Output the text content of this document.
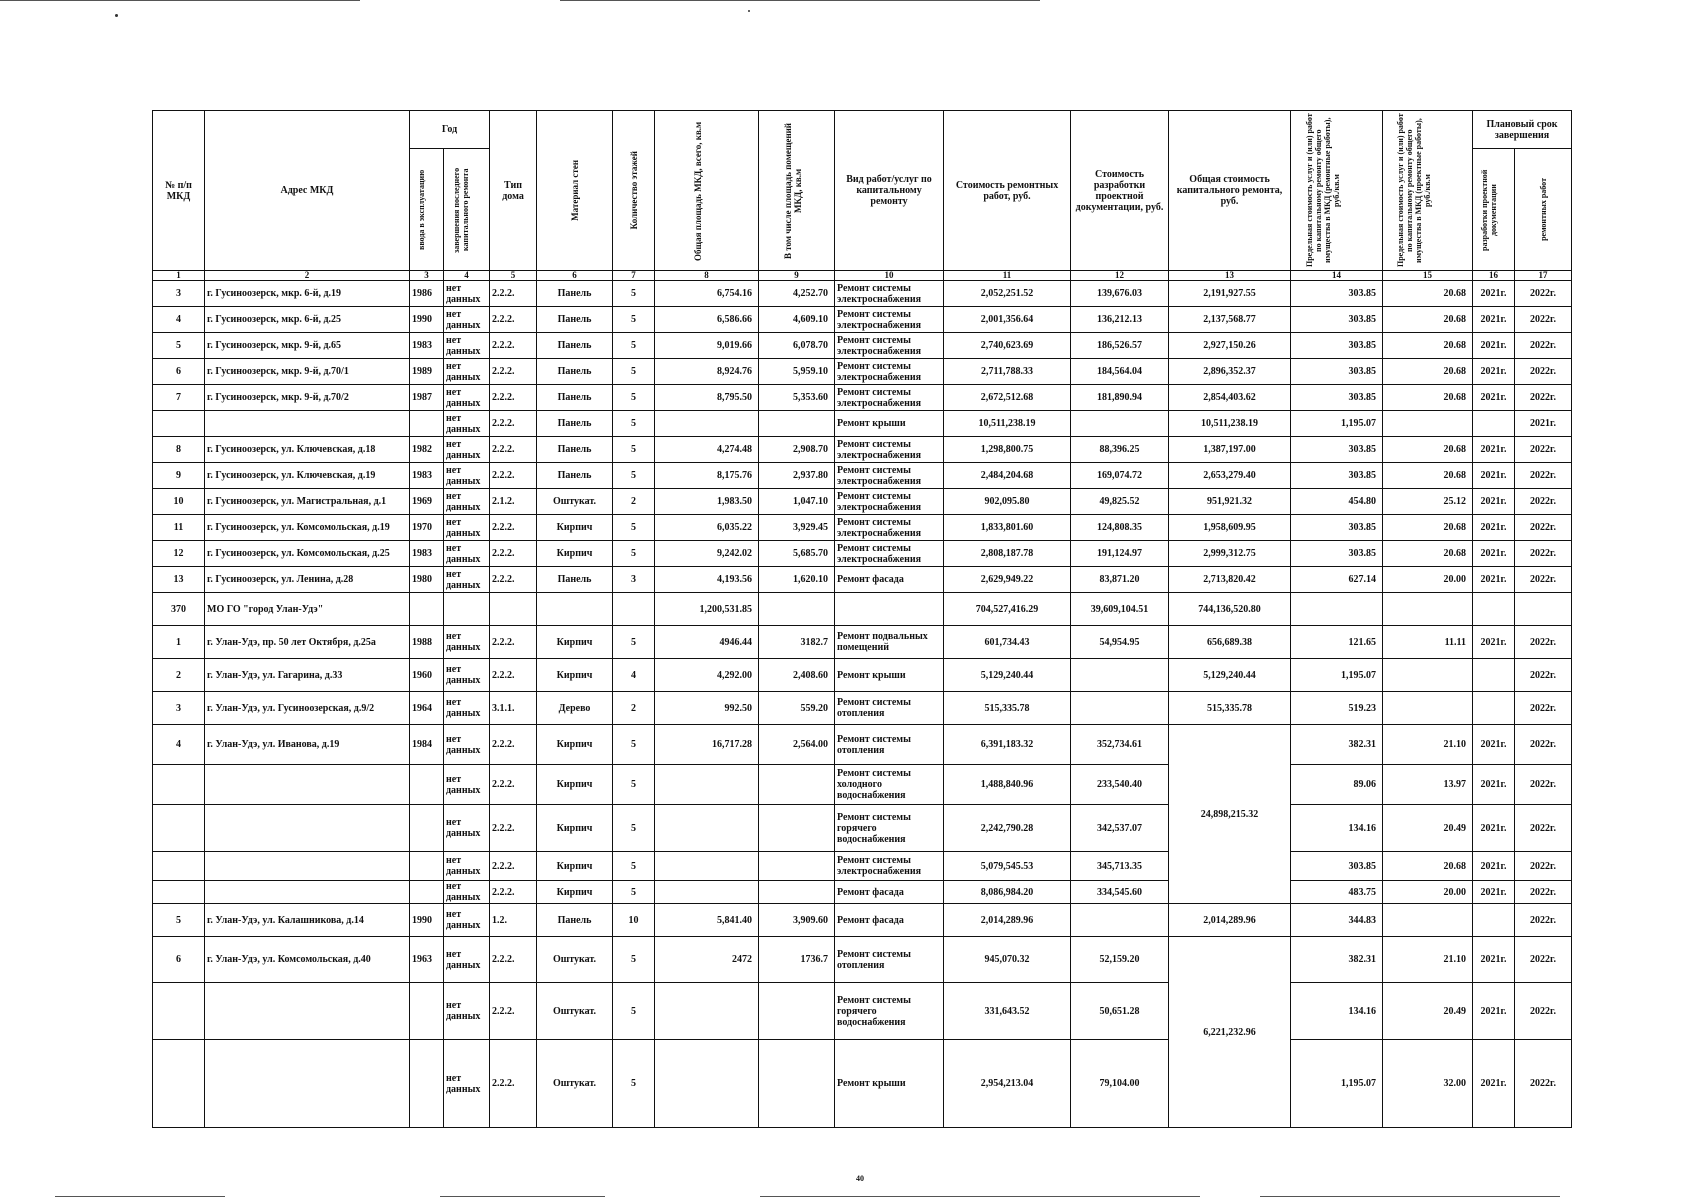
№ п/п МКД	Адрес МКД	Год		Тип дома	Материал стен	Количество этажей	Общая площадь МКД, всего, кв.м	В том числе площадь помещений МКД, кв.м	Вид работ/услуг по капитальному ремонту	Стоимость ремонтных работ, руб.	Стоимость разработки проектной документации, руб.	Общая стоимость капитального ремонта, руб.	Предельная стоимость услуг и (или) работ по капитальному ремонту общего имущества в МКД (ремонтные работы), руб./кв.м	Предельная стоимость услуг и (или) работ по капитальному ремонту общего имущества в МКД (проектные работы), руб./кв.м	Плановый срок завершения	

		ввода в эксплуатацию	завершения последнего капитального ремонта												разработки проектной документации	ремонтных работ

1	2	3	4	5	6	7	8	9	10	11	12	13	14	15	16	17
3	г. Гусиноозерск, мкр. 6-й, д.19	1986	нет данных	2.2.2.	Панель	5	6,754.16	4,252.70	Ремонт системы электроснабжения	2,052,251.52	139,676.03	2,191,927.55	303.85	20.68	2021г.	2022г.
4	г. Гусиноозерск, мкр. 6-й, д.25	1990	нет данных	2.2.2.	Панель	5	6,586.66	4,609.10	Ремонт системы электроснабжения	2,001,356.64	136,212.13	2,137,568.77	303.85	20.68	2021г.	2022г.
5	г. Гусиноозерск, мкр. 9-й, д.65	1983	нет данных	2.2.2.	Панель	5	9,019.66	6,078.70	Ремонт системы электроснабжения	2,740,623.69	186,526.57	2,927,150.26	303.85	20.68	2021г.	2022г.
6	г. Гусиноозерск, мкр. 9-й, д.70/1	1989	нет данных	2.2.2.	Панель	5	8,924.76	5,959.10	Ремонт системы электроснабжения	2,711,788.33	184,564.04	2,896,352.37	303.85	20.68	2021г.	2022г.
7	г. Гусиноозерск, мкр. 9-й, д.70/2	1987	нет данных	2.2.2.	Панель	5	8,795.50	5,353.60	Ремонт системы электроснабжения	2,672,512.68	181,890.94	2,854,403.62	303.85	20.68	2021г.	2022г.
			нет данных	2.2.2.	Панель	5			Ремонт крыши	10,511,238.19		10,511,238.19	1,195.07			2021г.
8	г. Гусиноозерск, ул. Ключевская, д.18	1982	нет данных	2.2.2.	Панель	5	4,274.48	2,908.70	Ремонт системы электроснабжения	1,298,800.75	88,396.25	1,387,197.00	303.85	20.68	2021г.	2022г.
9	г. Гусиноозерск, ул. Ключевская, д.19	1983	нет данных	2.2.2.	Панель	5	8,175.76	2,937.80	Ремонт системы электроснабжения	2,484,204.68	169,074.72	2,653,279.40	303.85	20.68	2021г.	2022г.
10	г. Гусиноозерск, ул. Магистральная, д.1	1969	нет данных	2.1.2.	Оштукат.	2	1,983.50	1,047.10	Ремонт системы электроснабжения	902,095.80	49,825.52	951,921.32	454.80	25.12	2021г.	2022г.
11	г. Гусиноозерск, ул. Комсомольская, д.19	1970	нет данных	2.2.2.	Кирпич	5	6,035.22	3,929.45	Ремонт системы электроснабжения	1,833,801.60	124,808.35	1,958,609.95	303.85	20.68	2021г.	2022г.
12	г. Гусиноозерск, ул. Комсомольская, д.25	1983	нет данных	2.2.2.	Кирпич	5	9,242.02	5,685.70	Ремонт системы электроснабжения	2,808,187.78	191,124.97	2,999,312.75	303.85	20.68	2021г.	2022г.
13	г. Гусиноозерск, ул. Ленина, д.28	1980	нет данных	2.2.2.	Панель	3	4,193.56	1,620.10	Ремонт фасада	2,629,949.22	83,871.20	2,713,820.42	627.14	20.00	2021г.	2022г.
370	МО ГО "город Улан-Удэ"						1,200,531.85			704,527,416.29	39,609,104.51	744,136,520.80				
1	г. Улан-Удэ, пр. 50 лет Октября, д.25а	1988	нет данных	2.2.2.	Кирпич	5	4946.44	3182.7	Ремонт подвальных помещений	601,734.43	54,954.95	656,689.38	121.65	11.11	2021г.	2022г.
2	г. Улан-Удэ, ул. Гагарина, д.33	1960	нет данных	2.2.2.	Кирпич	4	4,292.00	2,408.60	Ремонт крыши	5,129,240.44		5,129,240.44	1,195.07			2022г.
3	г. Улан-Удэ, ул. Гусиноозерская, д.9/2	1964	нет данных	3.1.1.	Дерево	2	992.50	559.20	Ремонт системы отопления	515,335.78		515,335.78	519.23			2022г.
4	г. Улан-Удэ, ул. Иванова, д.19	1984	нет данных	2.2.2.	Кирпич	5	16,717.28	2,564.00	Ремонт системы отопления	6,391,183.32	352,734.61	24,898,215.32	382.31	21.10	2021г.	2022г.
			нет данных	2.2.2.	Кирпич	5			Ремонт системы холодного водоснабжения	1,488,840.96	233,540.40		89.06	13.97	2021г.	2022г.
			нет данных	2.2.2.	Кирпич	5			Ремонт системы горячего водоснабжения	2,242,790.28	342,537.07		134.16	20.49	2021г.	2022г.
			нет данных	2.2.2.	Кирпич	5			Ремонт системы электроснабжения	5,079,545.53	345,713.35		303.85	20.68	2021г.	2022г.
			нет данных	2.2.2.	Кирпич	5			Ремонт фасада	8,086,984.20	334,545.60		483.75	20.00	2021г.	2022г.
5	г. Улан-Удэ, ул. Калашникова, д.14	1990	нет данных	1.2.	Панель	10	5,841.40	3,909.60	Ремонт фасада	2,014,289.96		2,014,289.96	344.83			2022г.
6	г. Улан-Удэ, ул. Комсомольская, д.40	1963	нет данных	2.2.2.	Оштукат.	5	2472	1736.7	Ремонт системы отопления	945,070.32	52,159.20	6,221,232.96	382.31	21.10	2021г.	2022г.
			нет данных	2.2.2.	Оштукат.	5			Ремонт системы горячего водоснабжения	331,643.52	50,651.28		134.16	20.49	2021г.	2022г.
			нет данных	2.2.2.	Оштукат.	5			Ремонт крыши	2,954,213.04	79,104.00		1,195.07	32.00	2021г.	2022г.
40
